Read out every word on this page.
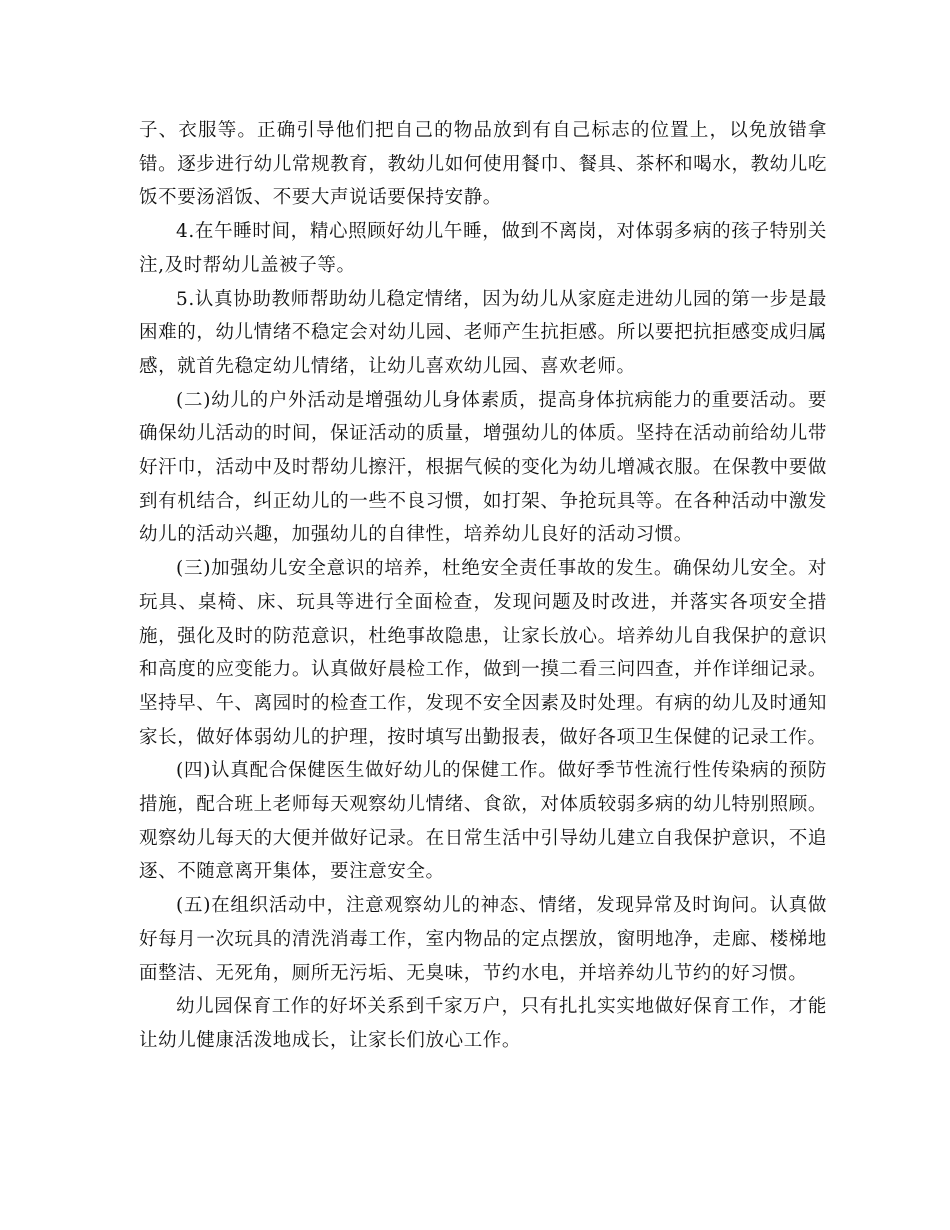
子、衣服等。正确引导他们把自己的物品放到有自己标志的位置上，以免放错拿错。逐步进行幼儿常规教育，教幼儿如何使用餐巾、餐具、茶杯和喝水，教幼儿吃饭不要汤滔饭、不要大声说话要保持安静。

4.在午睡时间，精心照顾好幼儿午睡，做到不离岗，对体弱多病的孩子特别关注,及时帮幼儿盖被子等。

5.认真协助教师帮助幼儿稳定情绪，因为幼儿从家庭走进幼儿园的第一步是最困难的，幼儿情绪不稳定会对幼儿园、老师产生抗拒感。所以要把抗拒感变成归属感，就首先稳定幼儿情绪，让幼儿喜欢幼儿园、喜欢老师。

(二)幼儿的户外活动是增强幼儿身体素质，提高身体抗病能力的重要活动。要确保幼儿活动的时间，保证活动的质量，增强幼儿的体质。坚持在活动前给幼儿带好汗巾，活动中及时帮幼儿擦汗，根据气候的变化为幼儿增减衣服。在保教中要做到有机结合，纠正幼儿的一些不良习惯，如打架、争抢玩具等。在各种活动中激发幼儿的活动兴趣，加强幼儿的自律性，培养幼儿良好的活动习惯。

(三)加强幼儿安全意识的培养，杜绝安全责任事故的发生。确保幼儿安全。对玩具、桌椅、床、玩具等进行全面检查，发现问题及时改进，并落实各项安全措施，强化及时的防范意识，杜绝事故隐患，让家长放心。培养幼儿自我保护的意识和高度的应变能力。认真做好晨检工作，做到一摸二看三问四查，并作详细记录。坚持早、午、离园时的检查工作，发现不安全因素及时处理。有病的幼儿及时通知家长，做好体弱幼儿的护理，按时填写出勤报表，做好各项卫生保健的记录工作。

(四)认真配合保健医生做好幼儿的保健工作。做好季节性流行性传染病的预防措施，配合班上老师每天观察幼儿情绪、食欲，对体质较弱多病的幼儿特别照顾。观察幼儿每天的大便并做好记录。在日常生活中引导幼儿建立自我保护意识，不追逐、不随意离开集体，要注意安全。

(五)在组织活动中，注意观察幼儿的神态、情绪，发现异常及时询问。认真做好每月一次玩具的清洗消毒工作，室内物品的定点摆放，窗明地净，走廊、楼梯地面整洁、无死角，厕所无污垢、无臭味，节约水电，并培养幼儿节约的好习惯。

幼儿园保育工作的好坏关系到千家万户，只有扎扎实实地做好保育工作，才能让幼儿健康活泼地成长，让家长们放心工作。
